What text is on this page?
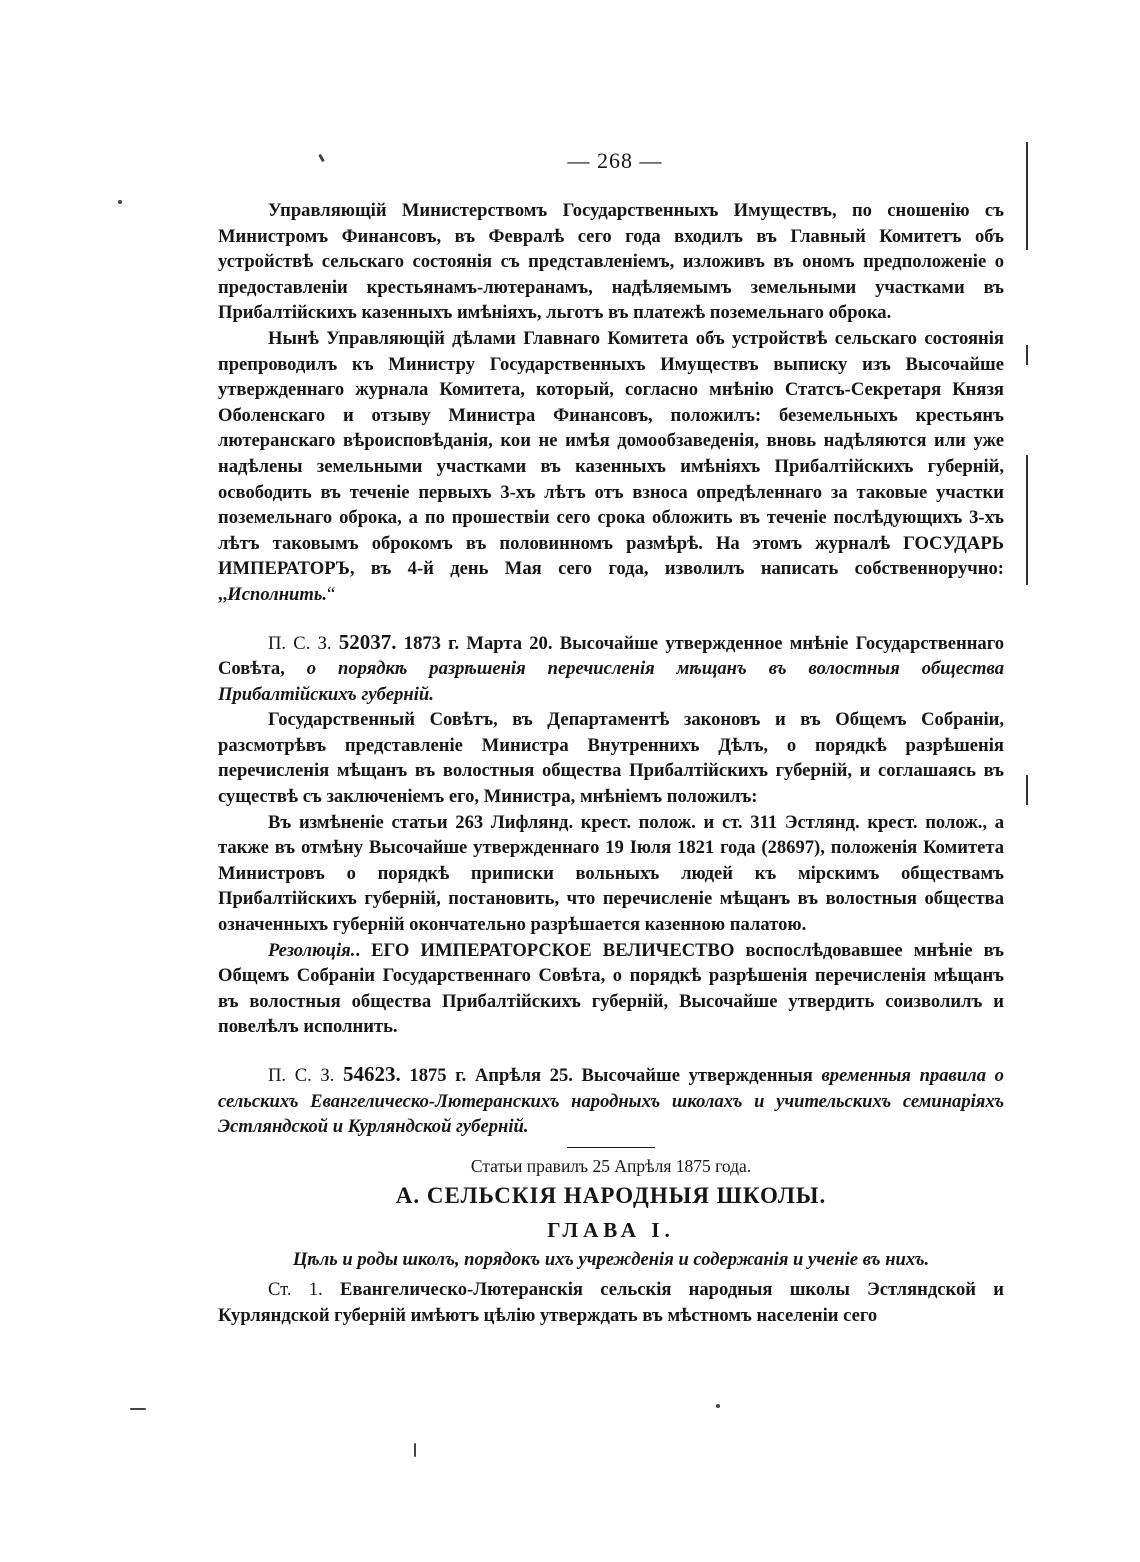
— 268 —

Управляющій Министерствомъ Государственныхъ Имуществъ, по сношенію съ Министромъ Финансовъ, въ Февралѣ сего года входилъ въ Главный Комитетъ объ устройствѣ сельскаго состоянія съ представленіемъ, изложивъ въ ономъ предположеніе о предоставленіи крестьянамъ-лютеранамъ, надѣляемымъ земельными участками въ Прибалтійскихъ казенныхъ имѣніяхъ, льготъ въ платежѣ поземельнаго оброка.

Нынѣ Управляющій дѣлами Главнаго Комитета объ устройствѣ сельскаго состоянія препроводилъ къ Министру Государственныхъ Имуществъ выписку изъ Высочайше утвержденнаго журнала Комитета, который, согласно мнѣнію Статсъ-Секретаря Князя Оболенскаго и отзыву Министра Финансовъ, положилъ: беземельныхъ крестьянъ лютеранскаго вѣроисповѣданія, кои не имѣя домообзаведенія, вновь надѣляются или уже надѣлены земельными участками въ казенныхъ имѣніяхъ Прибалтійскихъ губерній, освободить въ теченіе первыхъ 3-хъ лѣтъ отъ взноса опредѣленнаго за таковые участки поземельнаго оброка, а по прошествіи сего срока обложить въ теченіе послѣдующихъ 3-хъ лѣтъ таковымъ оброкомъ въ половинномъ размѣрѣ. На этомъ журналѣ ГОСУДАРЬ ИМПЕРАТОРЪ, въ 4-й день Мая сего года, изволилъ написать собственноручно: ,,Исполнить.“

П. С. З. 52037. 1873 г. Марта 20. Высочайше утвержденное мнѣніе Государственнаго Совѣта, о порядкѣ разрѣшенія перечисленія мѣщанъ въ волостныя общества Прибалтійскихъ губерній.

Государственный Совѣтъ, въ Департаментѣ законовъ и въ Общемъ Собраніи, разсмотрѣвъ представленіе Министра Внутреннихъ Дѣлъ, о порядкѣ разрѣшенія перечисленія мѣщанъ въ волостныя общества Прибалтійскихъ губерній, и соглашаясь въ существѣ съ заключеніемъ его, Министра, мнѣніемъ положилъ:

Въ измѣненіе статьи 263 Лифлянд. крест. полож. и ст. 311 Эстлянд. крест. полож., а также въ отмѣну Высочайше утвержденнаго 19 Іюля 1821 года (28697), положенія Комитета Министровъ о порядкѣ приписки вольныхъ людей къ мірскимъ обществамъ Прибалтійскихъ губерній, постановить, что перечисленіе мѣщанъ въ волостныя общества означенныхъ губерній окончательно разрѣшается казенною палатою.

Резолюція.. ЕГО ИМПЕРАТОРСКОЕ ВЕЛИЧЕСТВО воспослѣдовавшее мнѣніе въ Общемъ Собраніи Государственнаго Совѣта, о порядкѣ разрѣшенія перечисленія мѣщанъ въ волостныя общества Прибалтійскихъ губерній, Высочайше утвердить соизволилъ и повелѣлъ исполнить.

П. С. З. 54623. 1875 г. Апрѣля 25. Высочайше утвержденныя временныя правила о сельскихъ Евангелическо-Лютеранскихъ народныхъ школахъ и учительскихъ семинаріяхъ Эстляндской и Курляндской губерній.

Статьи правилъ 25 Апрѣля 1875 года.

А. СЕЛЬСКІЯ НАРОДНЫЯ ШКОЛЫ.

ГЛАВА I.

Цѣль и роды школъ, порядокъ ихъ учрежденія и содержанія и ученіе въ нихъ.

Ст. 1. Евангелическо-Лютеранскія сельскія народныя школы Эстляндской и Курляндской губерній имѣютъ цѣлію утверждать въ мѣстномъ населеніи сего
